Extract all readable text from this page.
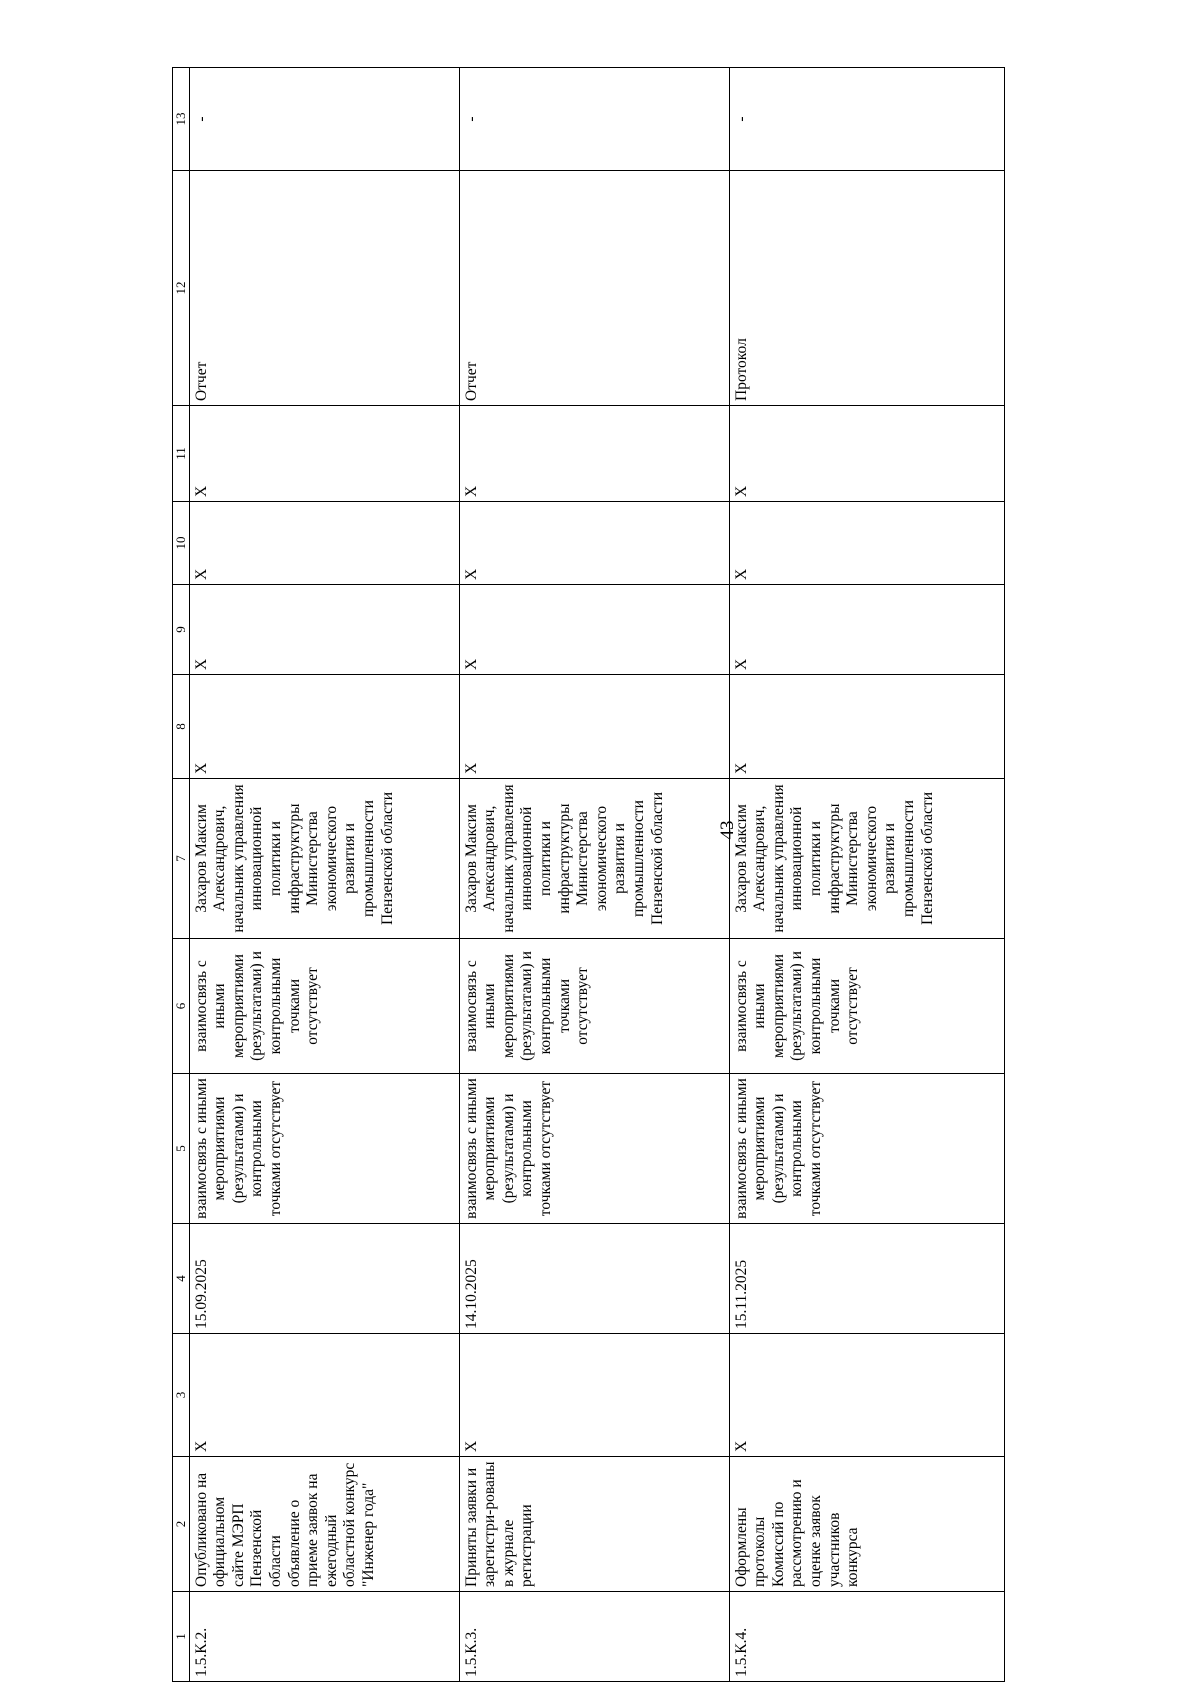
43
1	2	3	4	5	6	7	8	9	10	11	12	13
1.5.К.2.	Опубликовано на официальном сайте МЭРП Пензенской области объявление о приеме заявок на ежегодный областной конкурс "Инженер года"	Х	15.09.2025	взаимосвязь с иными мероприятиями (результатами) и контрольными точками отсутствует	взаимосвязь с иными мероприятиями (результатами) и контрольными точками отсутствует	Захаров Максим Александрович, начальник управления инновационной политики и инфраструктуры Министерства экономического развития и промышленности Пензенской области	Х	Х	Х	Х	Отчет	-
1.5.К.3.	Приняты заявки и зарегистри-рованы в журнале регистрации	Х	14.10.2025	взаимосвязь с иными мероприятиями (результатами) и контрольными точками отсутствует	взаимосвязь с иными мероприятиями (результатами) и контрольными точками отсутствует	Захаров Максим Александрович, начальник управления инновационной политики и инфраструктуры Министерства экономического развития и промышленности Пензенской области	Х	Х	Х	Х	Отчет	-
1.5.К.4.	Оформлены протоколы Комиссий по рассмотрению и оценке заявок участников конкурса	Х	15.11.2025	взаимосвязь с иными мероприятиями (результатами) и контрольными точками отсутствует	взаимосвязь с иными мероприятиями (результатами) и контрольными точками отсутствует	Захаров Максим Александрович, начальник управления инновационной политики и инфраструктуры Министерства экономического развития и промышленности Пензенской области	Х	Х	Х	Х	Протокол	-
